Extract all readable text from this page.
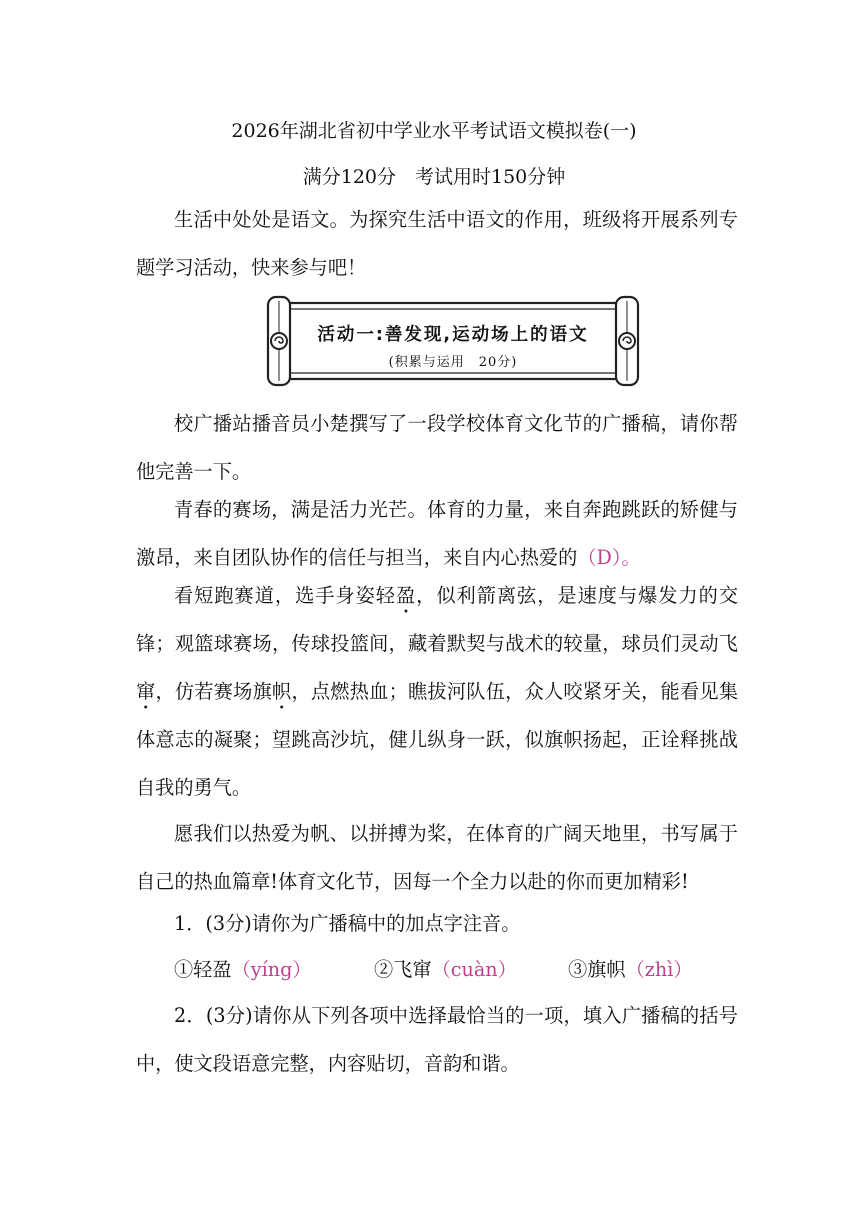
2026年湖北省初中学业水平考试语文模拟卷(一)
满分120分　考试用时150分钟
生活中处处是语文。为探究生活中语文的作用，班级将开展系列专题学习活动，快来参与吧！
活动一:善发现,运动场上的语文
(积累与运用　20分)
校广播站播音员小楚撰写了一段学校体育文化节的广播稿，请你帮他完善一下。
青春的赛场，满是活力光芒。体育的力量，来自奔跑跳跃的矫健与激昂，来自团队协作的信任与担当，来自内心热爱的（D）。
看短跑赛道，选手身姿轻盈，似利箭离弦，是速度与爆发力的交锋；观篮球赛场，传球投篮间，藏着默契与战术的较量，球员们灵动飞窜，仿若赛场旗帜，点燃热血；瞧拔河队伍，众人咬紧牙关，能看见集体意志的凝聚；望跳高沙坑，健儿纵身一跃，似旗帜扬起，正诠释挑战自我的勇气。
愿我们以热爱为帆、以拼搏为桨，在体育的广阔天地里，书写属于自己的热血篇章!体育文化节，因每一个全力以赴的你而更加精彩!
1．(3分)请你为广播稿中的加点字注音。
①轻盈（yíng）	②飞窜（cuàn）	③旗帜（zhì）
2．(3分)请你从下列各项中选择最恰当的一项，填入广播稿的括号中，使文段语意完整，内容贴切，音韵和谐。
